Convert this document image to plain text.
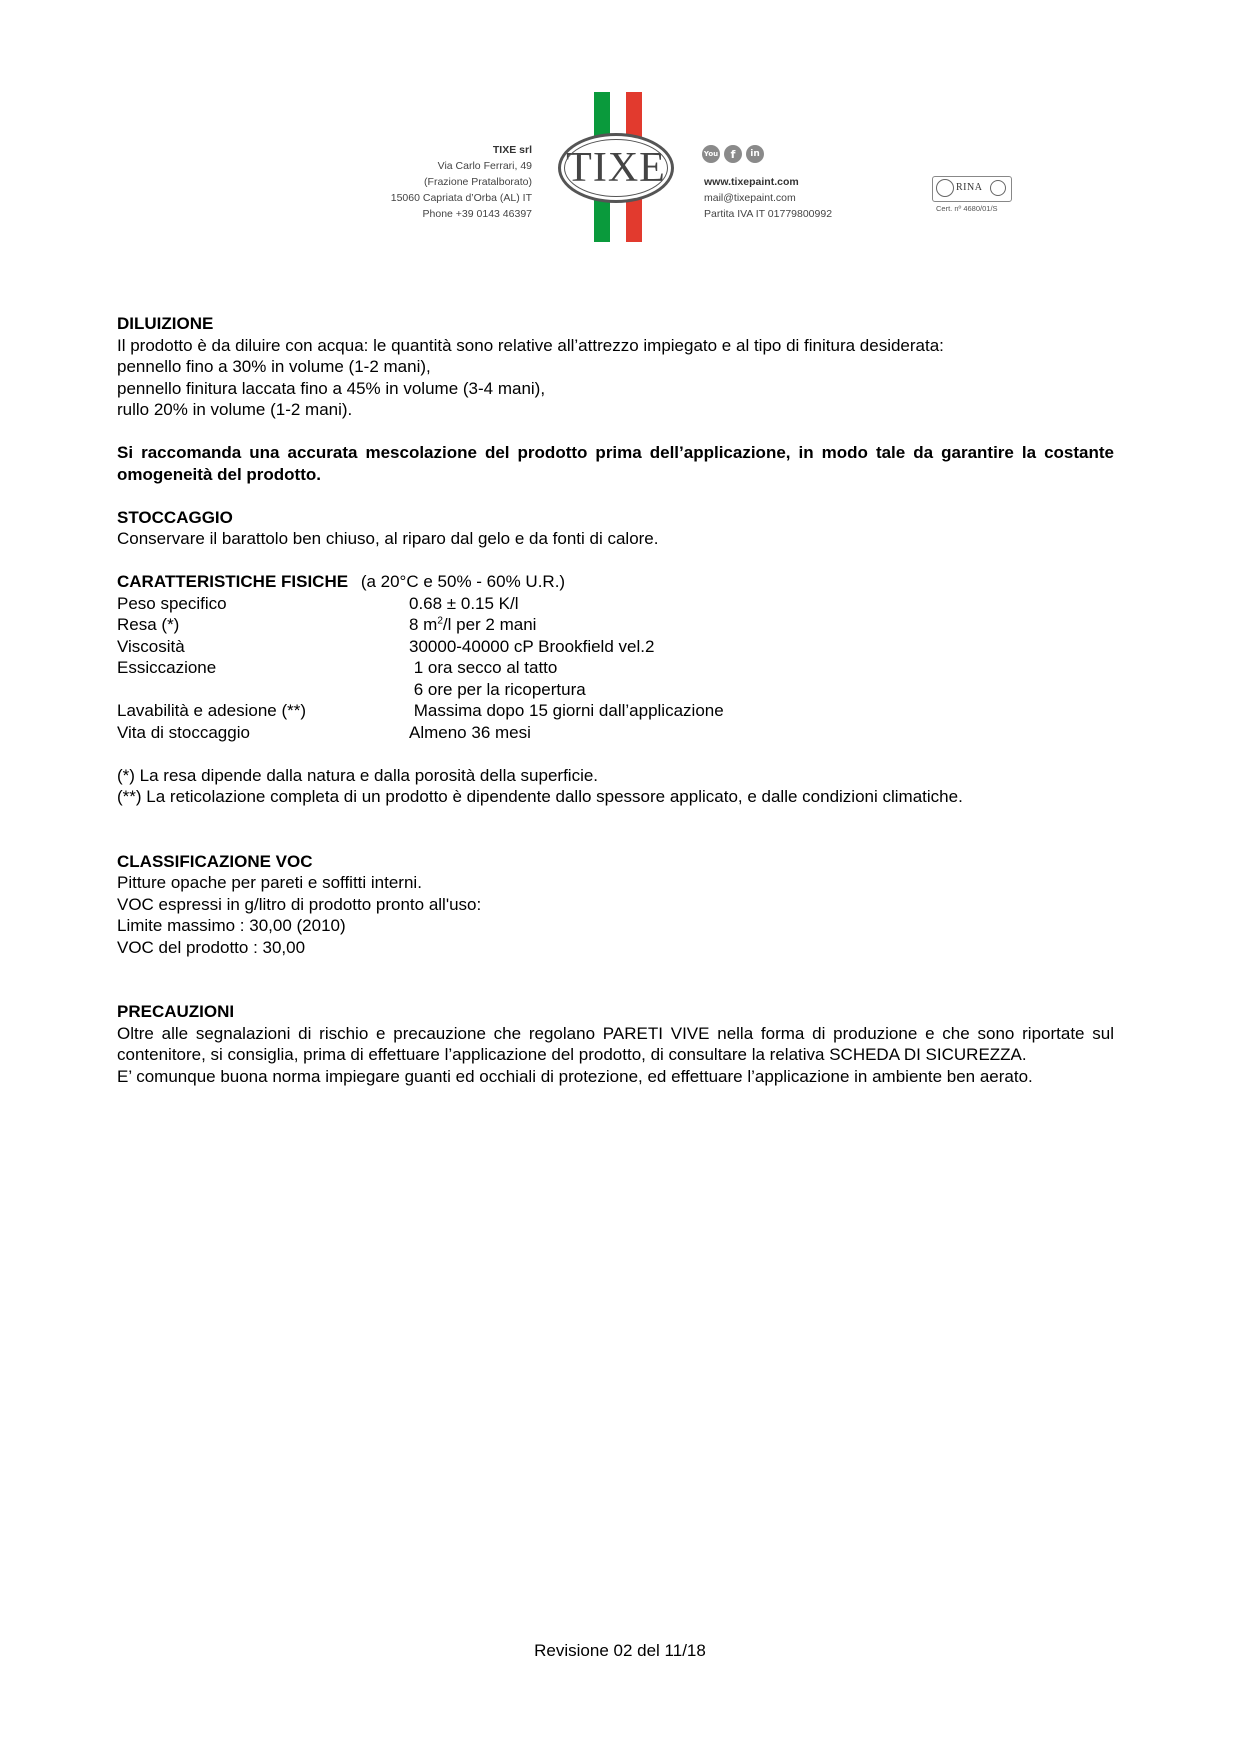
TIXE srl
Via Carlo Ferrari, 49
(Frazione Pratalborato)
15060 Capriata d’Orba (AL) IT
Phone +39 0143 46397
TIXE	You	f	in
www.tixepaint.com
mail@tixepaint.com
Partita IVA IT 01779800992
RINA
Cert. nº 4680/01/S
DILUIZIONE

Il prodotto è da diluire con acqua: le quantità sono relative all’attrezzo impiegato e al tipo di finitura desiderata:

pennello fino a 30% in volume (1-2 mani),

pennello finitura laccata fino a 45% in volume (3-4 mani),

rullo 20% in volume (1-2 mani).

Si raccomanda una accurata mescolazione del prodotto prima dell’applicazione, in modo tale da garantire la costante omogeneità del prodotto.

STOCCAGGIO

Conservare il barattolo ben chiuso, al riparo dal gelo e da fonti di calore.

CARATTERISTICHE FISICHE (a 20°C e 50% - 60% U.R.)
Peso specifico	0.68 ± 0.15 K/l
Resa (*)	8 $m^2/l$ per 2 mani
Viscosità	30000-40000 cP Brookfield vel.2
Essiccazione	1 ora secco al tatto
6 ore per la ricopertura
Lavabilità e adesione (**)	Massima dopo 15 giorni dall’applicazione
Vita di stoccaggio	Almeno 36 mesi

(*) La resa dipende dalla natura e dalla porosità della superficie.

(**) La reticolazione completa di un prodotto è dipendente dallo spessore applicato, e dalle condizioni climatiche.

CLASSIFICAZIONE VOC

Pitture opache per pareti e soffitti interni.

VOC espressi in g/litro di prodotto pronto all'uso:

Limite massimo : 30,00 (2010)

VOC del prodotto : 30,00

PRECAUZIONI

Oltre alle segnalazioni di rischio e precauzione che regolano PARETI VIVE nella forma di produzione e che sono riportate sul contenitore, si consiglia, prima di effettuare l’applicazione del prodotto, di consultare la relativa SCHEDA DI SICUREZZA.

E’ comunque buona norma impiegare guanti ed occhiali di protezione, ed effettuare l’applicazione in ambiente ben aerato.

Revisione 02 del 11/18
